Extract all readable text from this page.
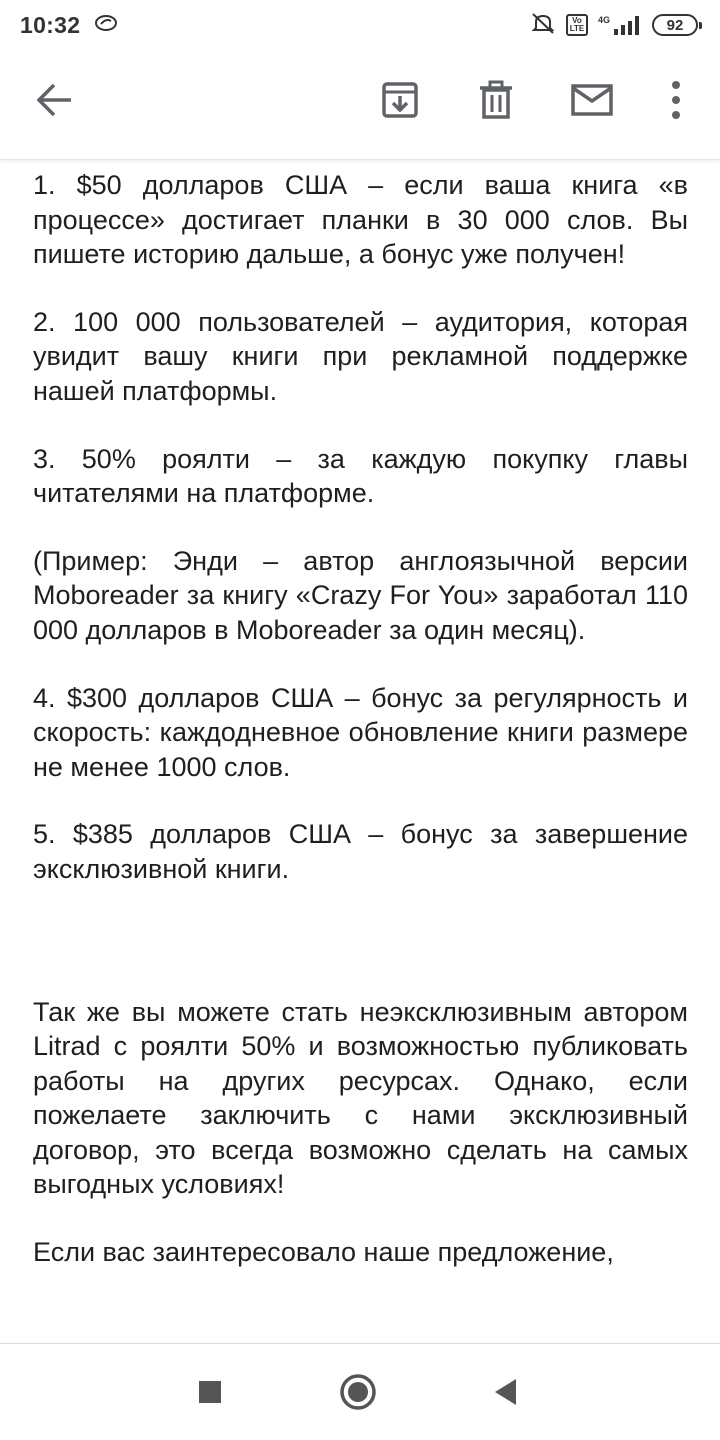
10:32	Vo
LTE
4G	92

1. $50 долларов США – если ваша книга «в процессе» достигает планки в 30 000 слов. Вы пишете историю дальше, а бонус уже получен!

2. 100 000 пользователей – аудитория, которая увидит вашу книги при рекламной поддержке нашей платформы.

3. 50% роялти – за каждую покупку главы читателями на платформе.

(Пример: Энди – автор англоязычной версии Moboreader за книгу «Crazy For You» заработал 110 000 долларов в Moboreader за один месяц).

4. $300 долларов США – бонус за регулярность и скорость: каждодневное обновление книги размере не менее 1000 слов.

5. $385 долларов США – бонус за завершение эксклюзивной книги.

Так же вы можете стать неэксклюзивным автором Litrad с роялти 50% и возможностью публиковать работы на других ресурсах. Однако, если пожелаете заключить с нами эксклюзивный договор, это всегда возможно сделать на самых выгодных условиях!

Если вас заинтересовало наше предложение,
